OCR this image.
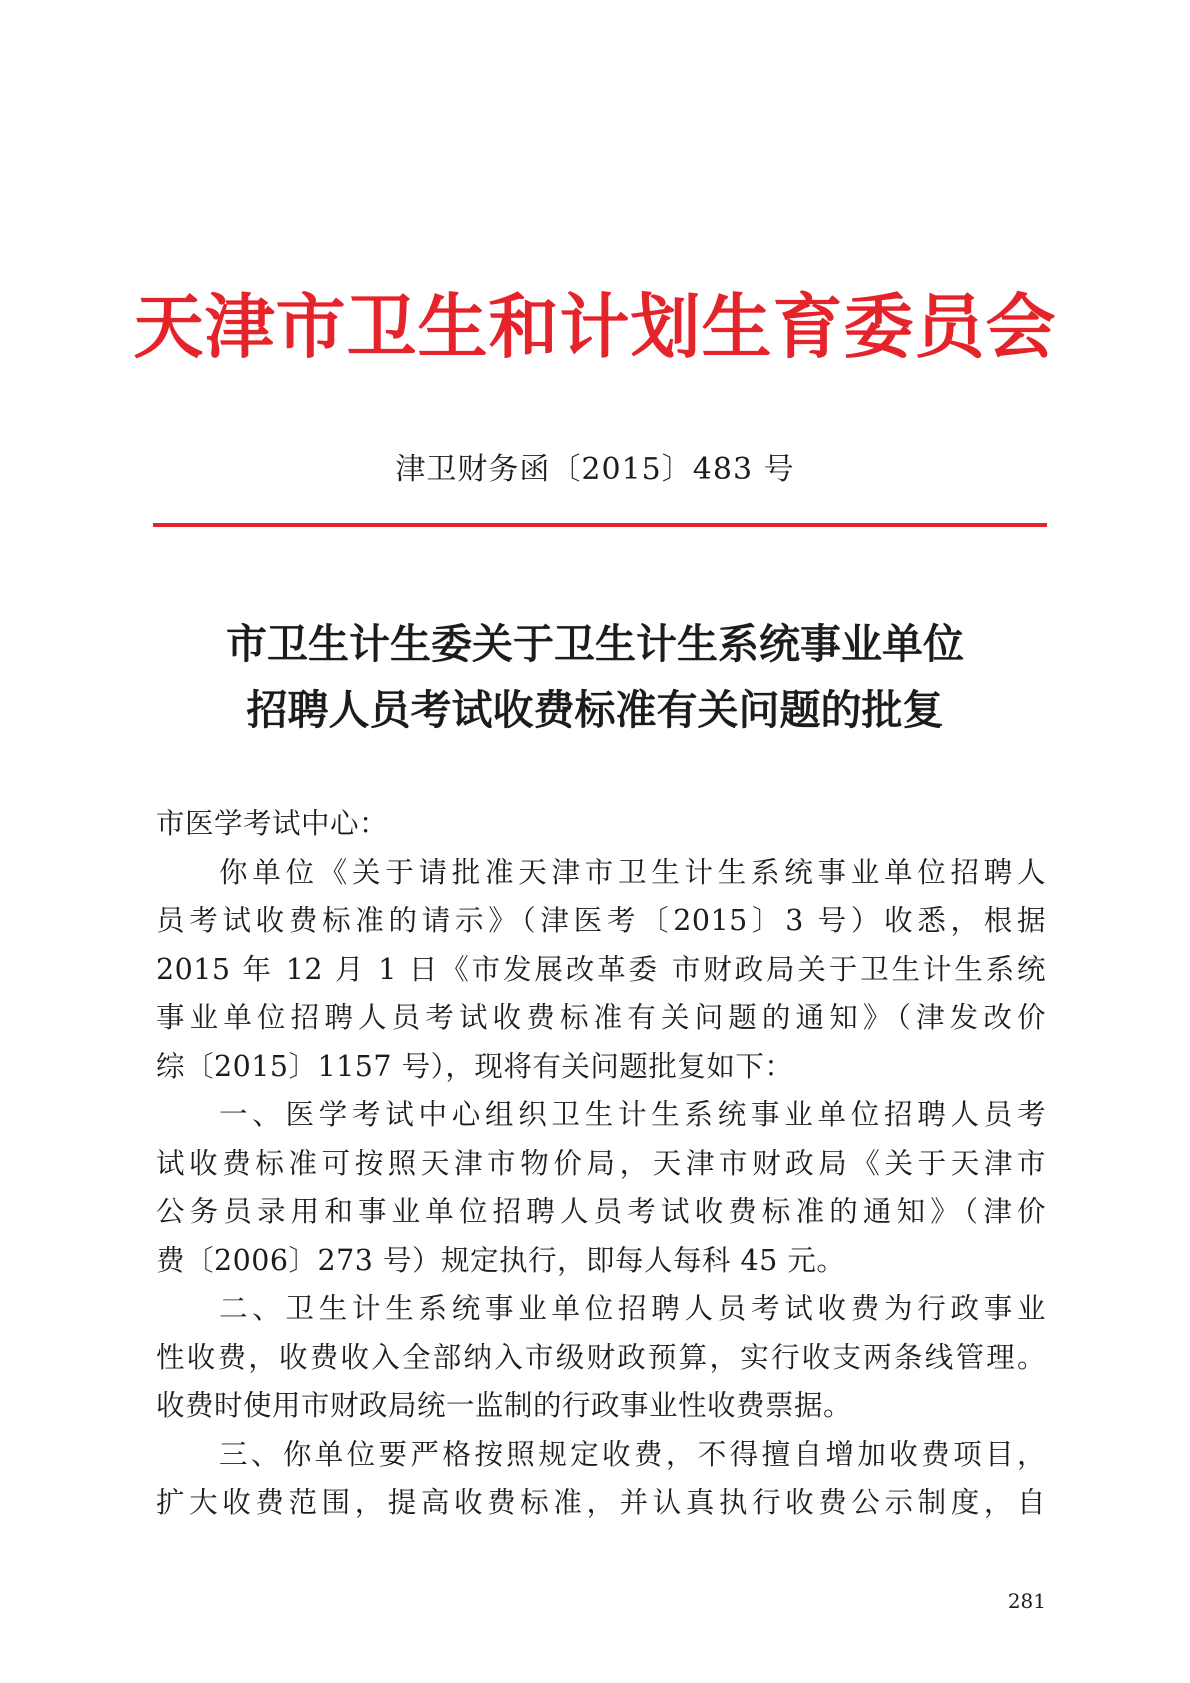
天津市卫生和计划生育委员会
津卫财务函〔2015〕483 号
市卫生计生委关于卫生计生系统事业单位
招聘人员考试收费标准有关问题的批复
市医学考试中心：
你单位《关于请批准天津市卫生计生系统事业单位招聘人
员考试收费标准的请示》（津医考〔2015〕3 号）收悉，根据
2015 年 12 月 1 日《市发展改革委 市财政局关于卫生计生系统
事业单位招聘人员考试收费标准有关问题的通知》（津发改价
综〔2015〕1157 号），现将有关问题批复如下：
一、医学考试中心组织卫生计生系统事业单位招聘人员考
试收费标准可按照天津市物价局，天津市财政局《关于天津市
公务员录用和事业单位招聘人员考试收费标准的通知》（津价
费〔2006〕273 号）规定执行，即每人每科 45 元。
二、卫生计生系统事业单位招聘人员考试收费为行政事业
性收费，收费收入全部纳入市级财政预算，实行收支两条线管理。
收费时使用市财政局统一监制的行政事业性收费票据。
三、你单位要严格按照规定收费，不得擅自增加收费项目，
扩大收费范围，提高收费标准，并认真执行收费公示制度，自
281
